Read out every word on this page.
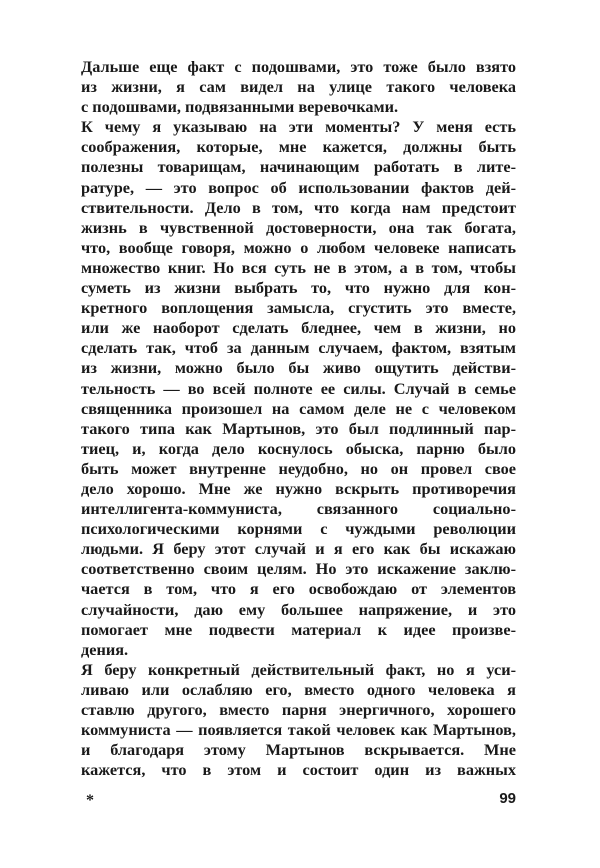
Дальше еще факт с подошвами, это тоже было взято
из жизни, я сам видел на улице такого человека
с подошвами, подвязанными веревочками.
К чему я указываю на эти моменты? У меня есть
соображения, которые, мне кажется, должны быть
полезны товарищам, начинающим работать в лите-
ратуре, — это вопрос об использовании фактов дей-
ствительности. Дело в том, что когда нам предстоит
жизнь в чувственной достоверности, она так богата,
что, вообще говоря, можно о любом человеке написать
множество книг. Но вся суть не в этом, а в том, чтобы
суметь из жизни выбрать то, что нужно для кон-
кретного воплощения замысла, сгустить это вместе,
или же наоборот сделать бледнее, чем в жизни, но
сделать так, чтоб за данным случаем, фактом, взятым
из жизни, можно было бы живо ощутить действи-
тельность — во всей полноте ее силы. Случай в семье
священника произошел на самом деле не с человеком
такого типа как Мартынов, это был подлинный пар-
тиец, и, когда дело коснулось обыска, парню было
быть может внутренне неудобно, но он провел свое
дело хорошо. Мне же нужно вскрыть противоречия
интеллигента-коммуниста, связанного социально-
психологическими корнями с чуждыми революции
людьми. Я беру этот случай и я его как бы искажаю
соответственно своим целям. Но это искажение заклю-
чается в том, что я его освобождаю от элементов
случайности, даю ему большее напряжение, и это
помогает мне подвести материал к идее произве-
дения.
Я беру конкретный действительный факт, но я уси-
ливаю или ослабляю его, вместо одного человека я
ставлю другого, вместо парня энергичного, хорошего
коммуниста — появляется такой человек как Мартынов,
и благодаря этому Мартынов вскрывается. Мне
кажется, что в этом и состоит один из важных
*	99
